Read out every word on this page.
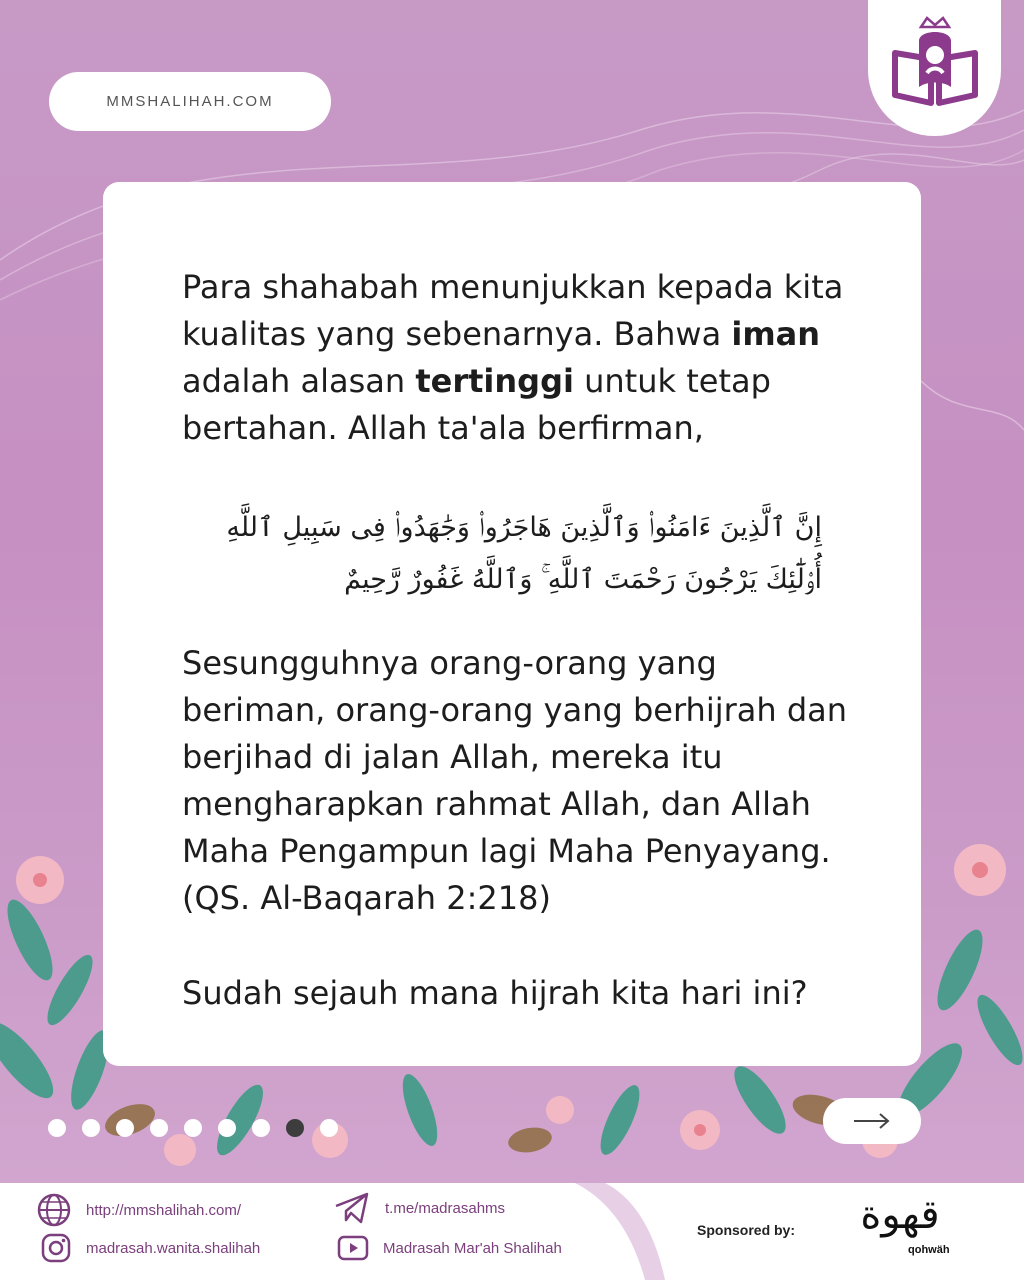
MMSHALIHAH.COM
Para shahabah menunjukkan kepada kita kualitas yang sebenarnya. Bahwa iman adalah alasan tertinggi untuk tetap bertahan. Allah ta'ala berfirman,
إِنَّ ٱلَّذِينَ ءَامَنُوا۟ وَٱلَّذِينَ هَاجَرُوا۟ وَجَٰهَدُوا۟ فِى سَبِيلِ ٱللَّهِ أُو۟لَٰٓئِكَ يَرْجُونَ رَحْمَتَ ٱللَّهِ ۚ وَٱللَّهُ غَفُورٌ رَّحِيمٌ
Sesungguhnya orang-orang yang beriman, orang-orang yang berhijrah dan berjihad di jalan Allah, mereka itu mengharapkan rahmat Allah, dan Allah Maha Pengampun lagi Maha Penyayang. (QS. Al-Baqarah 2:218)
Sudah sejauh mana hijrah kita hari ini?
http://mmshalihah.com/
madrasah.wanita.shalihah
t.me/madrasahms
Madrasah Mar'ah Shalihah
Sponsored by:	قهوة
qohwäh
